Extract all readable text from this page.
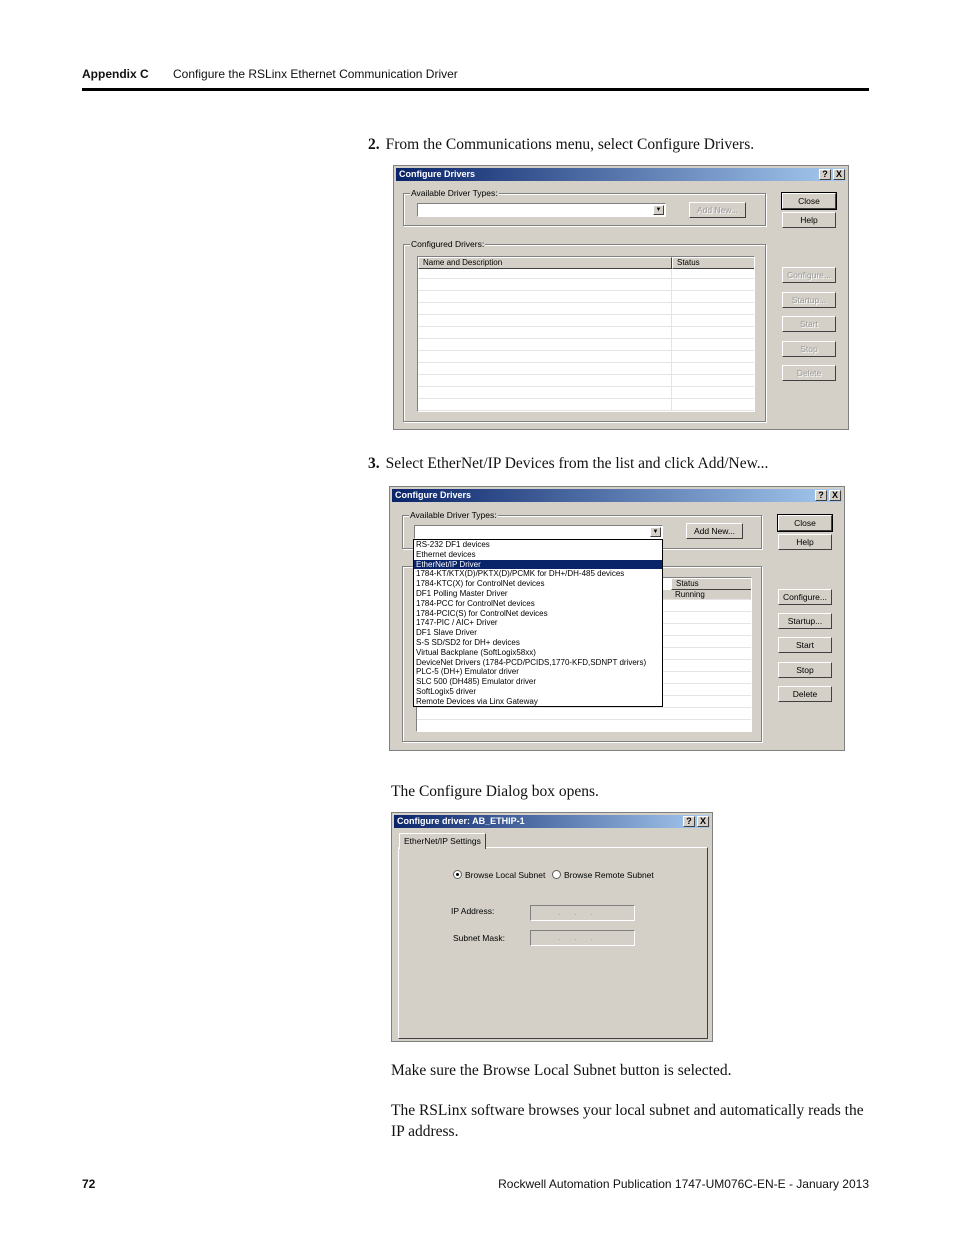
Appendix C Configure the RSLinx Ethernet Communication Driver
2. From the Communications menu, select Configure Drivers.
Configure Drivers	? X
Available Driver Types:
▼	Add New...
Configured Drivers:
Name and Description	Status
Close
Help
Configure...
Startup...
Start
Stop
Delete
3. Select EtherNet/IP Devices from the list and click Add/New...
Configure Drivers	? X
Available Driver Types:
▼	Add New...
Status
Running
RS-232 DF1 devices
Ethernet devices
EtherNet/IP Driver
1784-KT/KTX(D)/PKTX(D)/PCMK for DH+/DH-485 devices
1784-KTC(X) for ControlNet devices
DF1 Polling Master Driver
1784-PCC for ControlNet devices
1784-PCIC(S) for ControlNet devices
1747-PIC / AIC+ Driver
DF1 Slave Driver
S-S SD/SD2 for DH+ devices
Virtual Backplane (SoftLogix58xx)
DeviceNet Drivers (1784-PCD/PCIDS,1770-KFD,SDNPT drivers)
PLC-5 (DH+) Emulator driver
SLC 500 (DH485) Emulator driver
SoftLogix5 driver
Remote Devices via Linx Gateway
Close
Help
Configure...
Startup...
Start
Stop
Delete
The Configure Dialog box opens.
Configure driver: AB_ETHIP-1	? X
Browse Local Subnet Browse Remote Subnet
IP Address:	...
Subnet Mask:	...
EtherNet/IP Settings
Make sure the Browse Local Subnet button is selected.
The RSLinx software browses your local subnet and automatically reads the IP address.
72	Rockwell Automation Publication 1747-UM076C-EN-E - January 2013
